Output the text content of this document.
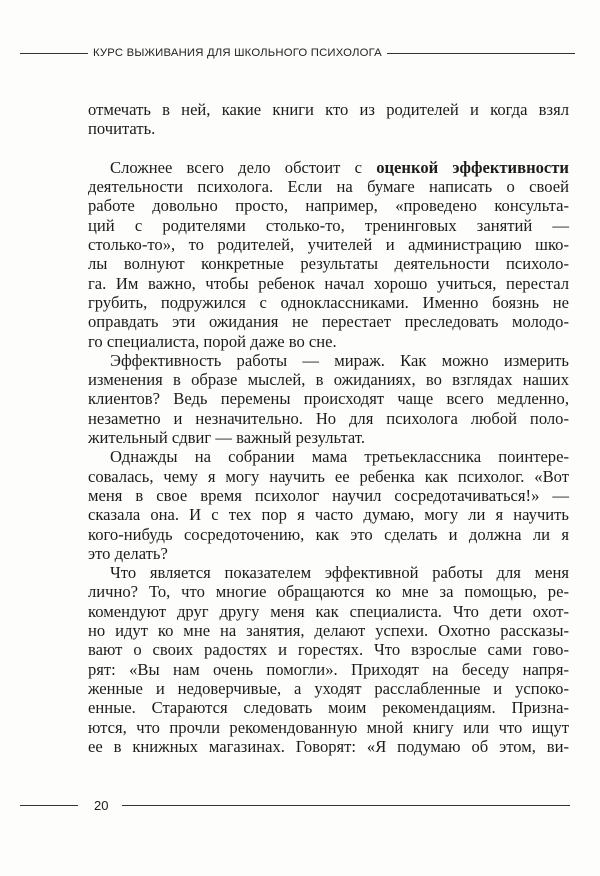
КУРС ВЫЖИВАНИЯ ДЛЯ ШКОЛЬНОГО ПСИХОЛОГА
отмечать в ней, какие книги кто из родителей и когда взял
почитать.
Сложнее всего дело обстоит с оценкой эффективности
деятельности психолога. Если на бумаге написать о своей
работе довольно просто, например, «проведено консульта-
ций с родителями столько-то, тренинговых занятий —
столько-то», то родителей, учителей и администрацию шко-
лы волнуют конкретные результаты деятельности психоло-
га. Им важно, чтобы ребенок начал хорошо учиться, перестал
грубить, подружился с одноклассниками. Именно боязнь не
оправдать эти ожидания не перестает преследовать молодо-
го специалиста, порой даже во сне.
Эффективность работы — мираж. Как можно измерить
изменения в образе мыслей, в ожиданиях, во взглядах наших
клиентов? Ведь перемены происходят чаще всего медленно,
незаметно и незначительно. Но для психолога любой поло-
жительный сдвиг — важный результат.
Однажды на собрании мама третьеклассника поинтере-
совалась, чему я могу научить ее ребенка как психолог. «Вот
меня в свое время психолог научил сосредотачиваться!» —
сказала она. И с тех пор я часто думаю, могу ли я научить
кого-нибудь сосредоточению, как это сделать и должна ли я
это делать?
Что является показателем эффективной работы для меня
лично? То, что многие обращаются ко мне за помощью, ре-
комендуют друг другу меня как специалиста. Что дети охот-
но идут ко мне на занятия, делают успехи. Охотно рассказы-
вают о своих радостях и горестях. Что взрослые сами гово-
рят: «Вы нам очень помогли». Приходят на беседу напря-
женные и недоверчивые, а уходят расслабленные и успоко-
енные. Стараются следовать моим рекомендациям. Призна-
ются, что прочли рекомендованную мной книгу или что ищут
ее в книжных магазинах. Говорят: «Я подумаю об этом, ви-
20
